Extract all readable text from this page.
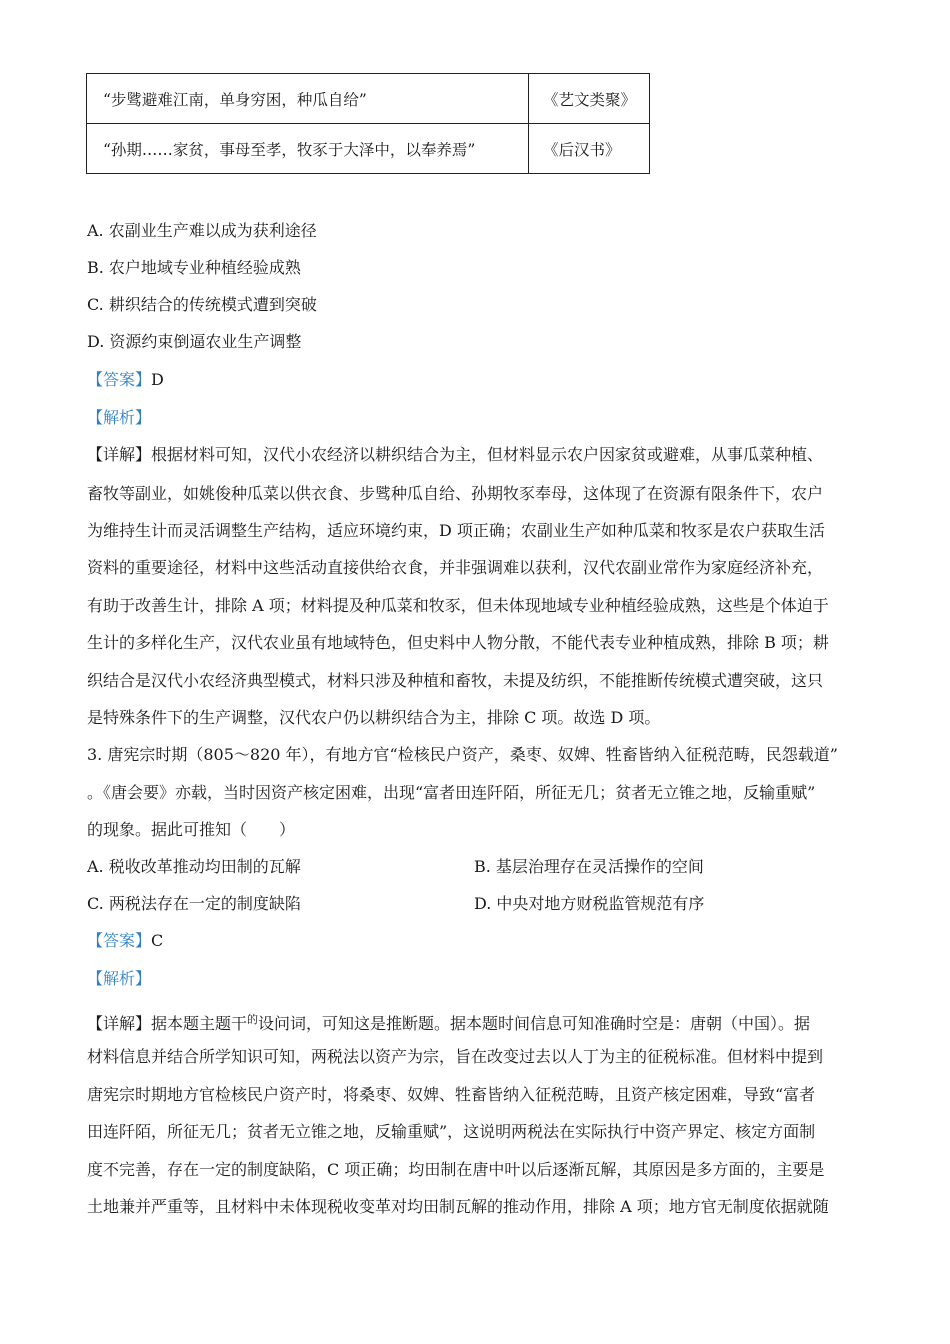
“步骘避难江南，单身穷困，种瓜自给”	《艺文类聚》
“孙期……家贫，事母至孝，牧豕于大泽中，以奉养焉”	《后汉书》
A. 农副业生产难以成为获利途径
B. 农户地域专业种植经验成熟
C. 耕织结合的传统模式遭到突破
D. 资源约束倒逼农业生产调整
【答案】D
【解析】
【详解】根据材料可知，汉代小农经济以耕织结合为主，但材料显示农户因家贫或避难，从事瓜菜种植、
畜牧等副业，如姚俊种瓜菜以供衣食、步骘种瓜自给、孙期牧豕奉母，这体现了在资源有限条件下，农户
为维持生计而灵活调整生产结构，适应环境约束，D 项正确；农副业生产如种瓜菜和牧豕是农户获取生活
资料的重要途径，材料中这些活动直接供给衣食，并非强调难以获利，汉代农副业常作为家庭经济补充，
有助于改善生计，排除 A 项；材料提及种瓜菜和牧豕，但未体现地域专业种植经验成熟，这些是个体迫于
生计的多样化生产，汉代农业虽有地域特色，但史料中人物分散，不能代表专业种植成熟，排除 B 项；耕
织结合是汉代小农经济典型模式，材料只涉及种植和畜牧，未提及纺织，不能推断传统模式遭突破，这只
是特殊条件下的生产调整，汉代农户仍以耕织结合为主，排除 C 项。故选 D 项。
3. 唐宪宗时期（805～820 年），有地方官“检核民户资产，桑枣、奴婢、牲畜皆纳入征税范畴，民怨载道”
。《唐会要》亦载，当时因资产核定困难，出现“富者田连阡陌，所征无几；贫者无立锥之地，反输重赋”
的现象。据此可推知（　　）
A. 税收改革推动均田制的瓦解	B. 基层治理存在灵活操作的空间
C. 两税法存在一定的制度缺陷	D. 中央对地方财税监管规范有序
【答案】C
【解析】
【详解】据本题主题干$^的$设问词，可知这是推断题。据本题时间信息可知准确时空是：唐朝（中国）。据
材料信息并结合所学知识可知，两税法以资产为宗，旨在改变过去以人丁为主的征税标准。但材料中提到
唐宪宗时期地方官检核民户资产时，将桑枣、奴婢、牲畜皆纳入征税范畴，且资产核定困难，导致“富者
田连阡陌，所征无几；贫者无立锥之地，反输重赋”，这说明两税法在实际执行中资产界定、核定方面制
度不完善，存在一定的制度缺陷，C 项正确；均田制在唐中叶以后逐渐瓦解，其原因是多方面的，主要是
土地兼并严重等，且材料中未体现税收变革对均田制瓦解的推动作用，排除 A 项；地方官无制度依据就随
